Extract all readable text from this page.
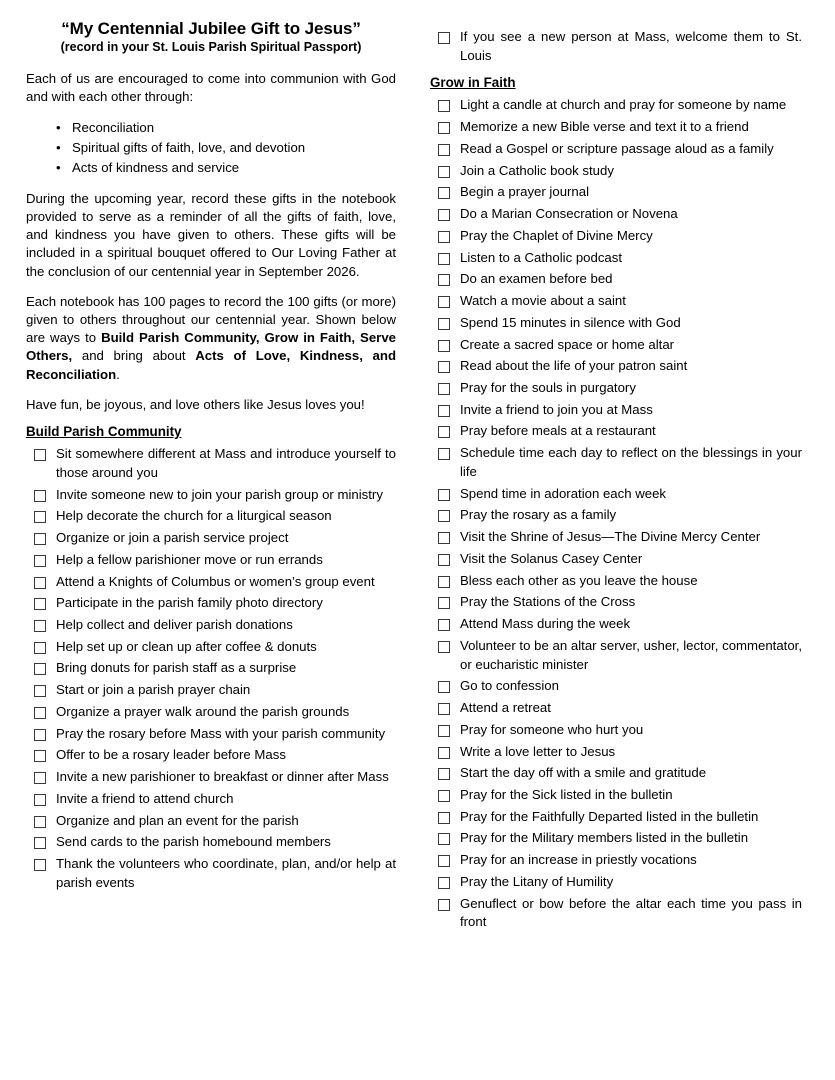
“My Centennial Jubilee Gift to Jesus”
(record in your St. Louis Parish Spiritual Passport)

Each of us are encouraged to come into communion with God and with each other through:

• Reconciliation
• Spiritual gifts of faith, love, and devotion
• Acts of kindness and service

During the upcoming year, record these gifts in the notebook provided to serve as a reminder of all the gifts of faith, love, and kindness you have given to others. These gifts will be included in a spiritual bouquet offered to Our Loving Father at the conclusion of our centennial year in September 2026.

Each notebook has 100 pages to record the 100 gifts (or more) given to others throughout our centennial year. Shown below are ways to Build Parish Community, Grow in Faith, Serve Others, and bring about Acts of Love, Kindness, and Reconciliation.

Have fun, be joyous, and love others like Jesus loves you!

Build Parish Community
Sit somewhere different at Mass and introduce yourself to those around you
Invite someone new to join your parish group or ministry
Help decorate the church for a liturgical season
Organize or join a parish service project
Help a fellow parishioner move or run errands
Attend a Knights of Columbus or women’s group event
Participate in the parish family photo directory
Help collect and deliver parish donations
Help set up or clean up after coffee & donuts
Bring donuts for parish staff as a surprise
Start or join a parish prayer chain
Organize a prayer walk around the parish grounds
Pray the rosary before Mass with your parish community
Offer to be a rosary leader before Mass
Invite a new parishioner to breakfast or dinner after Mass
Invite a friend to attend church
Organize and plan an event for the parish
Send cards to the parish homebound members
Thank the volunteers who coordinate, plan, and/or help at parish events
If you see a new person at Mass, welcome them to St. Louis
Grow in Faith
Light a candle at church and pray for someone by name
Memorize a new Bible verse and text it to a friend
Read a Gospel or scripture passage aloud as a family
Join a Catholic book study
Begin a prayer journal
Do a Marian Consecration or Novena
Pray the Chaplet of Divine Mercy
Listen to a Catholic podcast
Do an examen before bed
Watch a movie about a saint
Spend 15 minutes in silence with God
Create a sacred space or home altar
Read about the life of your patron saint
Pray for the souls in purgatory
Invite a friend to join you at Mass
Pray before meals at a restaurant
Schedule time each day to reflect on the blessings in your life
Spend time in adoration each week
Pray the rosary as a family
Visit the Shrine of Jesus—The Divine Mercy Center
Visit the Solanus Casey Center
Bless each other as you leave the house
Pray the Stations of the Cross
Attend Mass during the week
Volunteer to be an altar server, usher, lector, commentator, or eucharistic minister
Go to confession
Attend a retreat
Pray for someone who hurt you
Write a love letter to Jesus
Start the day off with a smile and gratitude
Pray for the Sick listed in the bulletin
Pray for the Faithfully Departed listed in the bulletin
Pray for the Military members listed in the bulletin
Pray for an increase in priestly vocations
Pray the Litany of Humility
Genuflect or bow before the altar each time you pass in front
